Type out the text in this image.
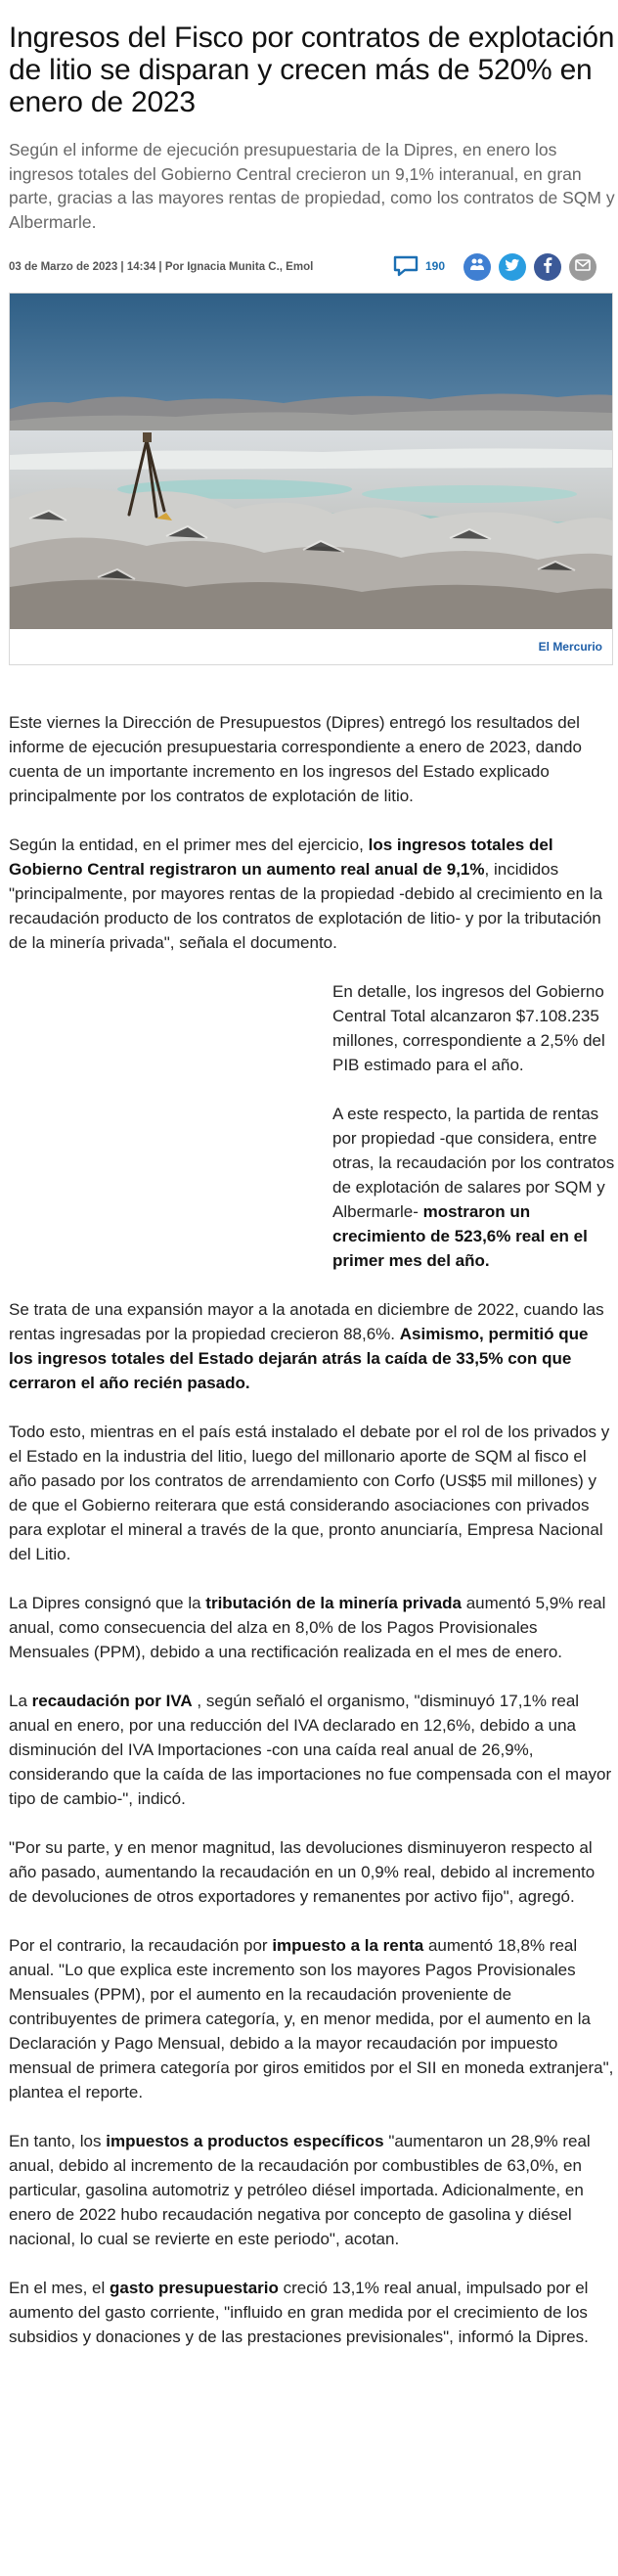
Ingresos del Fisco por contratos de explotación de litio se disparan y crecen más de 520% en enero de 2023

Según el informe de ejecución presupuestaria de la Dipres, en enero los ingresos totales del Gobierno Central crecieron un 9,1% interanual, en gran parte, gracias a las mayores rentas de propiedad, como los contratos de SQM y Albermarle.

03 de Marzo de 2023 | 14:34 | Por Ignacia Munita C., Emol	190
El Mercurio

Este viernes la Dirección de Presupuestos (Dipres) entregó los resultados del informe de ejecución presupuestaria correspondiente a enero de 2023, dando cuenta de un importante incremento en los ingresos del Estado explicado principalmente por los contratos de explotación de litio.

Según la entidad, en el primer mes del ejercicio, los ingresos totales del Gobierno Central registraron un aumento real anual de 9,1%, incididos "principalmente, por mayores rentas de la propiedad -debido al crecimiento en la recaudación producto de los contratos de explotación de litio- y por la tributación de la minería privada", señala el documento.

En detalle, los ingresos del Gobierno Central Total alcanzaron $7.108.235 millones, correspondiente a 2,5% del PIB estimado para el año.

A este respecto, la partida de rentas por propiedad -que considera, entre otras, la recaudación por los contratos de explotación de salares por SQM y Albermarle- mostraron un crecimiento de 523,6% real en el primer mes del año.

Se trata de una expansión mayor a la anotada en diciembre de 2022, cuando las rentas ingresadas por la propiedad crecieron 88,6%. Asimismo, permitió que los ingresos totales del Estado dejarán atrás la caída de 33,5% con que cerraron el año recién pasado.

Todo esto, mientras en el país está instalado el debate por el rol de los privados y el Estado en la industria del litio, luego del millonario aporte de SQM al fisco el año pasado por los contratos de arrendamiento con Corfo (US$5 mil millones) y de que el Gobierno reiterara que está considerando asociaciones con privados para explotar el mineral a través de la que, pronto anunciaría, Empresa Nacional del Litio.

La Dipres consignó que la tributación de la minería privada aumentó 5,9% real anual, como consecuencia del alza en 8,0% de los Pagos Provisionales Mensuales (PPM), debido a una rectificación realizada en el mes de enero.

La recaudación por IVA , según señaló el organismo, "disminuyó 17,1% real anual en enero, por una reducción del IVA declarado en 12,6%, debido a una disminución del IVA Importaciones -con una caída real anual de 26,9%, considerando que la caída de las importaciones no fue compensada con el mayor tipo de cambio-", indicó.

"Por su parte, y en menor magnitud, las devoluciones disminuyeron respecto al año pasado, aumentando la recaudación en un 0,9% real, debido al incremento de devoluciones de otros exportadores y remanentes por activo fijo", agregó.

Por el contrario, la recaudación por impuesto a la renta aumentó 18,8% real anual. "Lo que explica este incremento son los mayores Pagos Provisionales Mensuales (PPM), por el aumento en la recaudación proveniente de contribuyentes de primera categoría, y, en menor medida, por el aumento en la Declaración y Pago Mensual, debido a la mayor recaudación por impuesto mensual de primera categoría por giros emitidos por el SII en moneda extranjera", plantea el reporte.

En tanto, los impuestos a productos específicos "aumentaron un 28,9% real anual, debido al incremento de la recaudación por combustibles de 63,0%, en particular, gasolina automotriz y petróleo diésel importada. Adicionalmente, en enero de 2022 hubo recaudación negativa por concepto de gasolina y diésel nacional, lo cual se revierte en este periodo", acotan.

En el mes, el gasto presupuestario creció 13,1% real anual, impulsado por el aumento del gasto corriente, "influido en gran medida por el crecimiento de los subsidios y donaciones y de las prestaciones previsionales", informó la Dipres.
